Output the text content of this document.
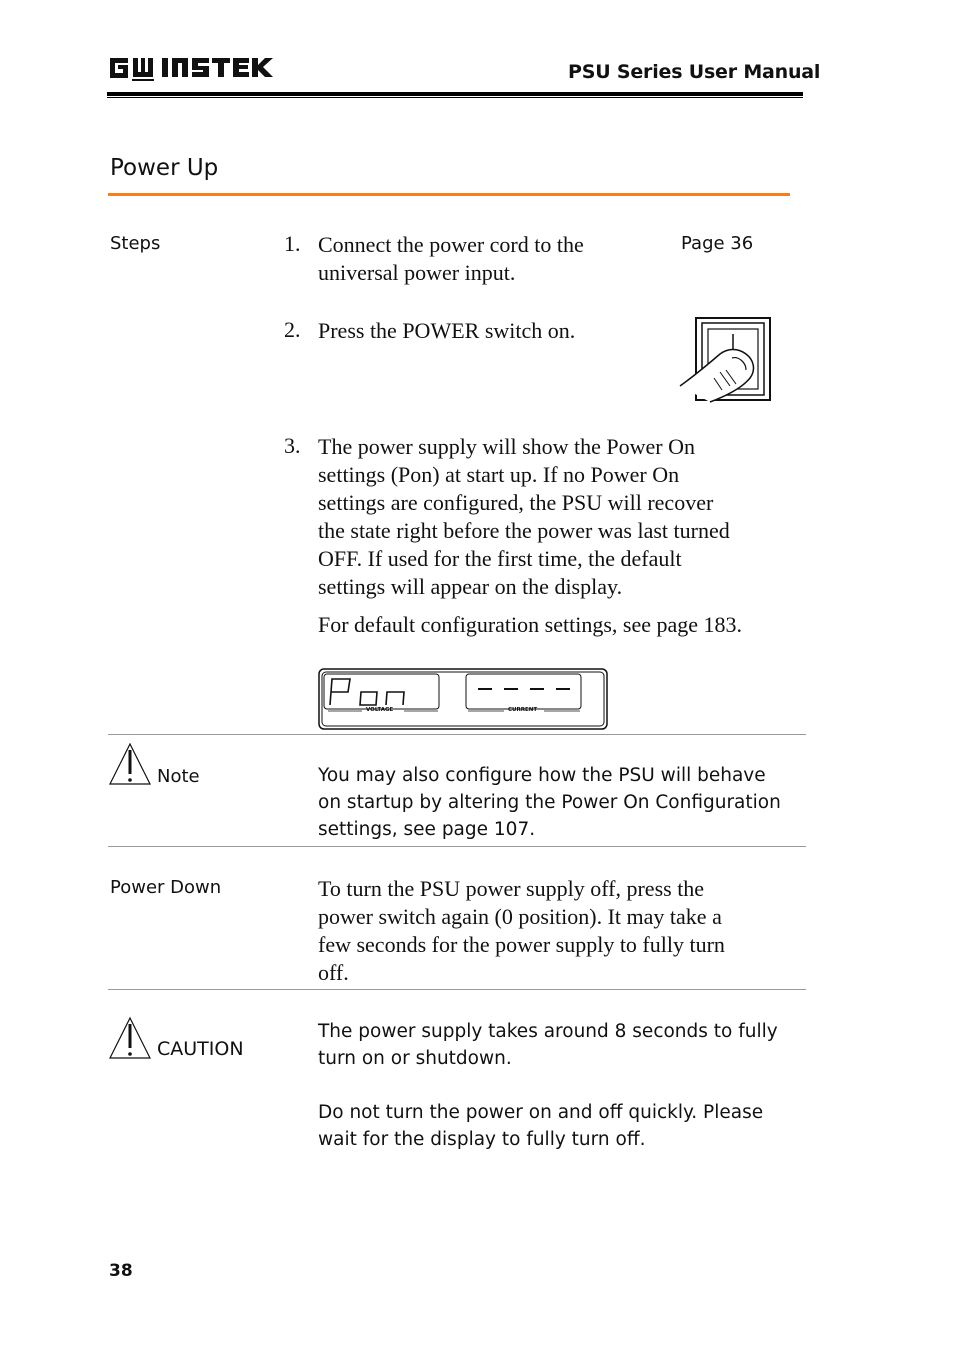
PSU Series User Manual
Power Up
Steps	1. Connect the power cord to the
universal power input.
Page 36
2. Press the POWER switch on.
3. The power supply will show the Power On
settings (Pon) at start up. If no Power On
settings are configured, the PSU will recover
the state right before the power was last turned
OFF. If used for the first time, the default
settings will appear on the display.
For default configuration settings, see page 183.
VOLTAGE	CURRENT
Note	You may also configure how the PSU will behave
on startup by altering the Power On Configuration
settings, see page 107.
Power Down	To turn the PSU power supply off, press the
power switch again (0 position). It may take a
few seconds for the power supply to fully turn
off.
CAUTION
The power supply takes around 8 seconds to fully
turn on or shutdown.
Do not turn the power on and off quickly. Please
wait for the display to fully turn off.
38
